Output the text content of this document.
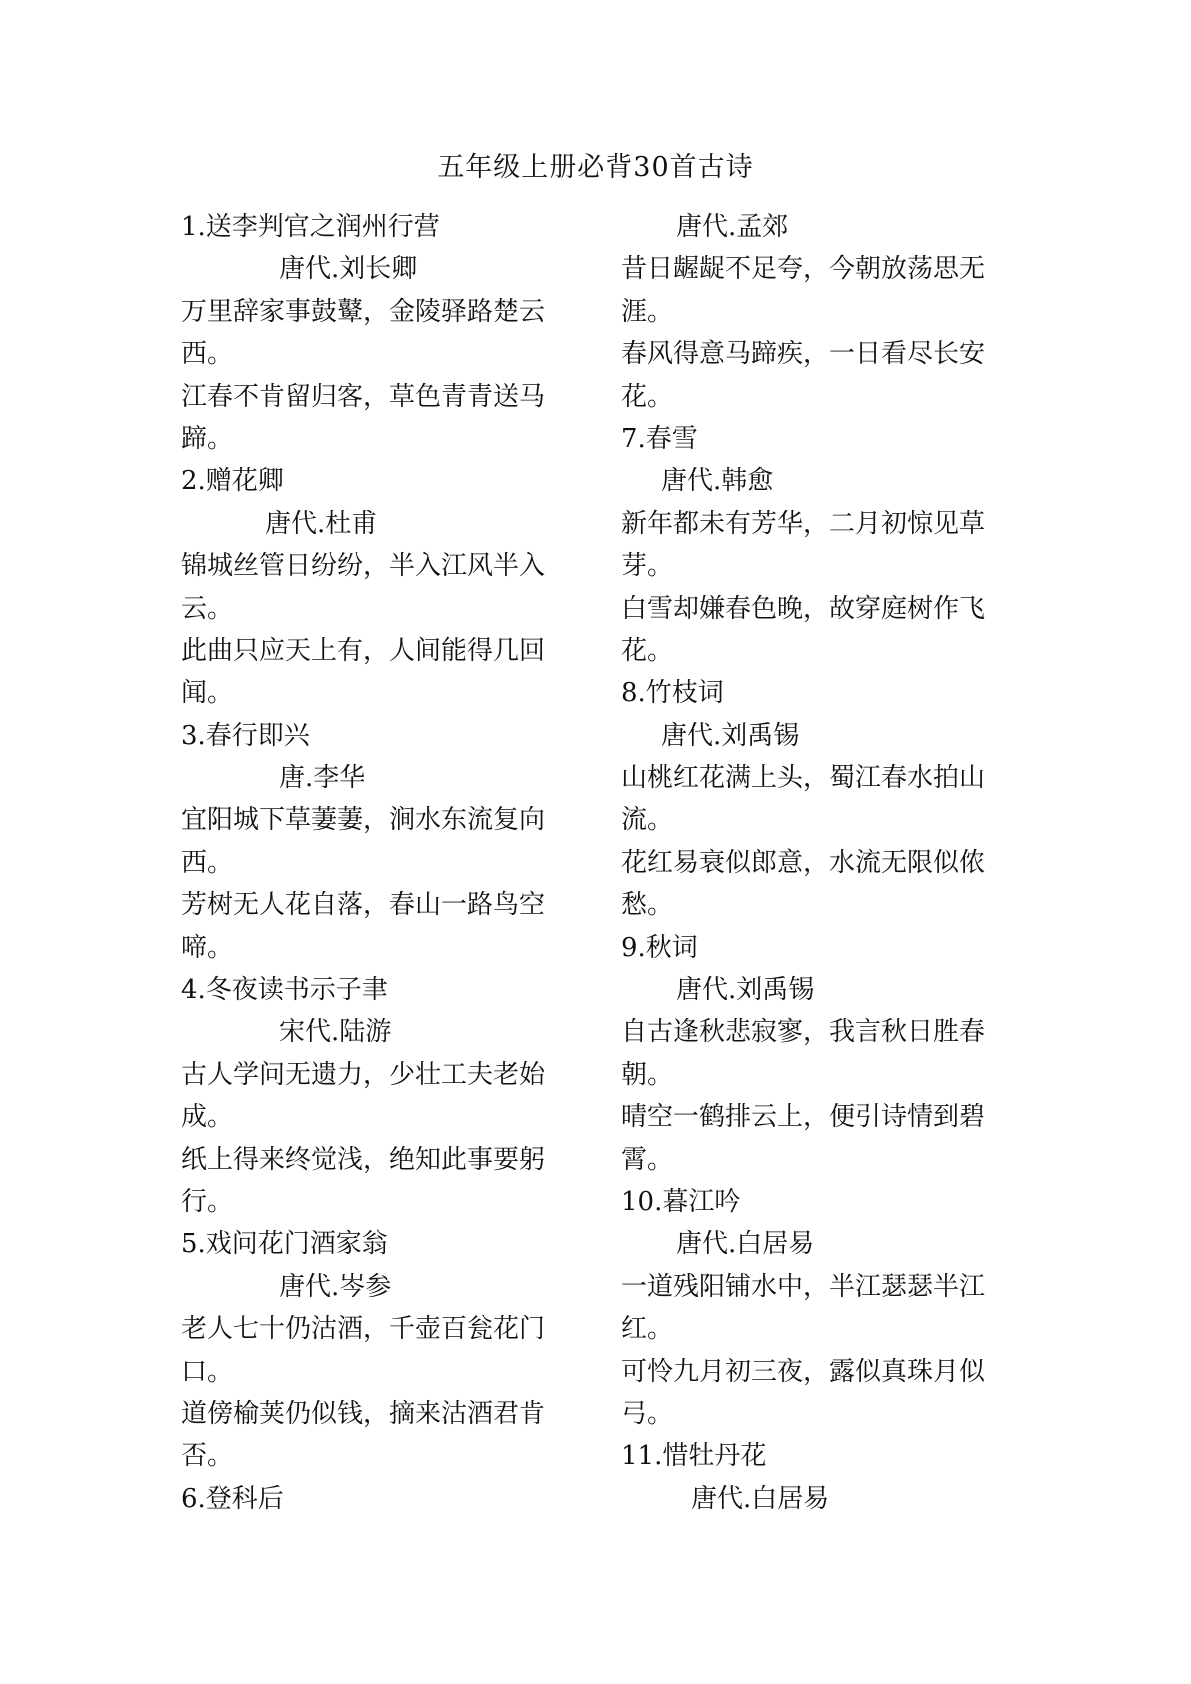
五年级上册必背30首古诗
1.送李判官之润州行营
唐代.刘长卿
万里辞家事鼓鼙，金陵驿路楚云
西。
江春不肯留归客，草色青青送马
蹄。
2.赠花卿
唐代.杜甫
锦城丝管日纷纷，半入江风半入
云。
此曲只应天上有，人间能得几回
闻。
3.春行即兴
唐.李华
宜阳城下草萋萋，涧水东流复向
西。
芳树无人花自落，春山一路鸟空
啼。
4.冬夜读书示子聿
宋代.陆游
古人学问无遗力，少壮工夫老始
成。
纸上得来终觉浅，绝知此事要躬
行。
5.戏问花门酒家翁
唐代.岑参
老人七十仍沽酒，千壶百瓮花门
口。
道傍榆荚仍似钱，摘来沽酒君肯
否。
6.登科后
唐代.孟郊
昔日龌龊不足夸，今朝放荡思无
涯。
春风得意马蹄疾，一日看尽长安
花。
7.春雪
唐代.韩愈
新年都未有芳华，二月初惊见草
芽。
白雪却嫌春色晚，故穿庭树作飞
花。
8.竹枝词
唐代.刘禹锡
山桃红花满上头，蜀江春水拍山
流。
花红易衰似郎意，水流无限似侬
愁。
9.秋词
唐代.刘禹锡
自古逢秋悲寂寥，我言秋日胜春
朝。
晴空一鹤排云上，便引诗情到碧
霄。
10.暮江吟
唐代.白居易
一道残阳铺水中，半江瑟瑟半江
红。
可怜九月初三夜，露似真珠月似
弓。
11.惜牡丹花
唐代.白居易
